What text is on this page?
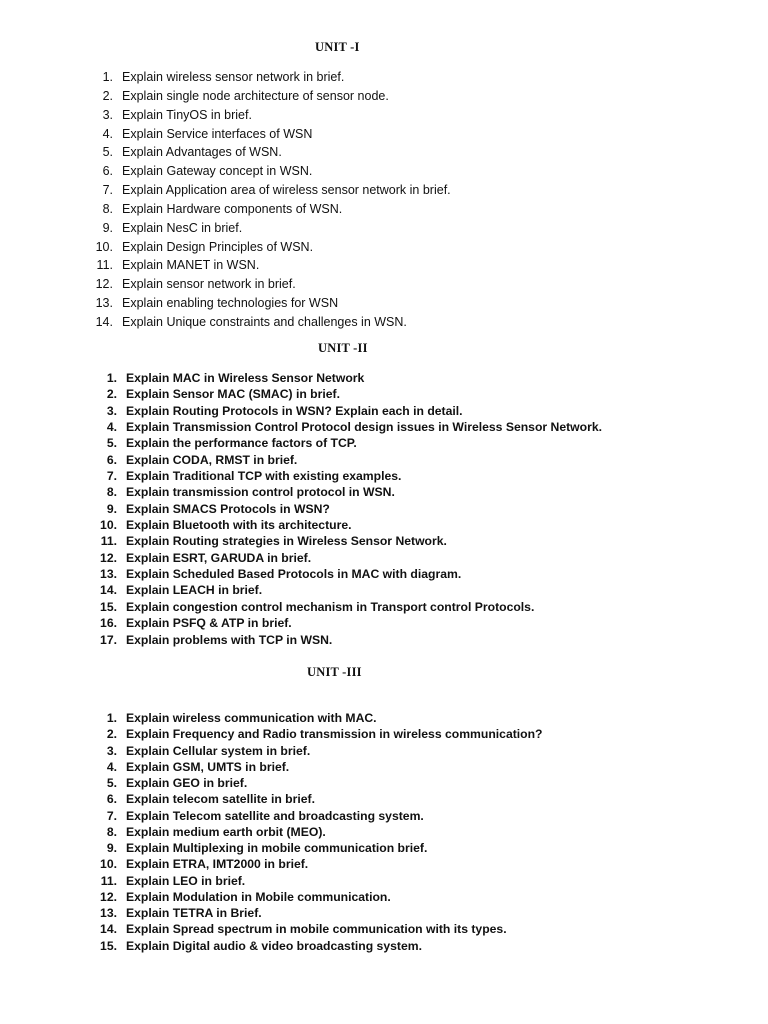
UNIT -I
1. Explain wireless sensor network in brief.
2. Explain single node architecture of sensor node.
3. Explain TinyOS in brief.
4. Explain Service interfaces of WSN
5. Explain Advantages of WSN.
6. Explain Gateway concept in WSN.
7. Explain Application area of wireless sensor network in brief.
8. Explain Hardware components of WSN.
9. Explain NesC in brief.
10. Explain Design Principles of WSN.
11. Explain MANET in WSN.
12. Explain sensor network in brief.
13. Explain enabling technologies for WSN
14. Explain Unique constraints and challenges in WSN.
UNIT -II
1. Explain MAC in Wireless Sensor Network
2. Explain Sensor MAC (SMAC) in brief.
3. Explain Routing Protocols in WSN? Explain each in detail.
4. Explain Transmission Control Protocol design issues in Wireless Sensor Network.
5. Explain the performance factors of TCP.
6. Explain CODA, RMST in brief.
7. Explain Traditional TCP with existing examples.
8. Explain transmission control protocol in WSN.
9. Explain SMACS Protocols in WSN?
10. Explain Bluetooth with its architecture.
11. Explain Routing strategies in Wireless Sensor Network.
12. Explain ESRT, GARUDA in brief.
13. Explain Scheduled Based Protocols in MAC with diagram.
14. Explain LEACH in brief.
15. Explain congestion control mechanism in Transport control Protocols.
16. Explain PSFQ & ATP in brief.
17. Explain problems with TCP in WSN.
UNIT -III
1. Explain wireless communication with MAC.
2. Explain Frequency and Radio transmission in wireless communication?
3. Explain Cellular system in brief.
4. Explain GSM, UMTS in brief.
5. Explain GEO in brief.
6. Explain telecom satellite in brief.
7. Explain Telecom satellite and broadcasting system.
8. Explain medium earth orbit (MEO).
9. Explain Multiplexing in mobile communication brief.
10. Explain ETRA, IMT2000 in brief.
11. Explain LEO in brief.
12. Explain Modulation in Mobile communication.
13. Explain TETRA in Brief.
14. Explain Spread spectrum in mobile communication with its types.
15. Explain Digital audio & video broadcasting system.
